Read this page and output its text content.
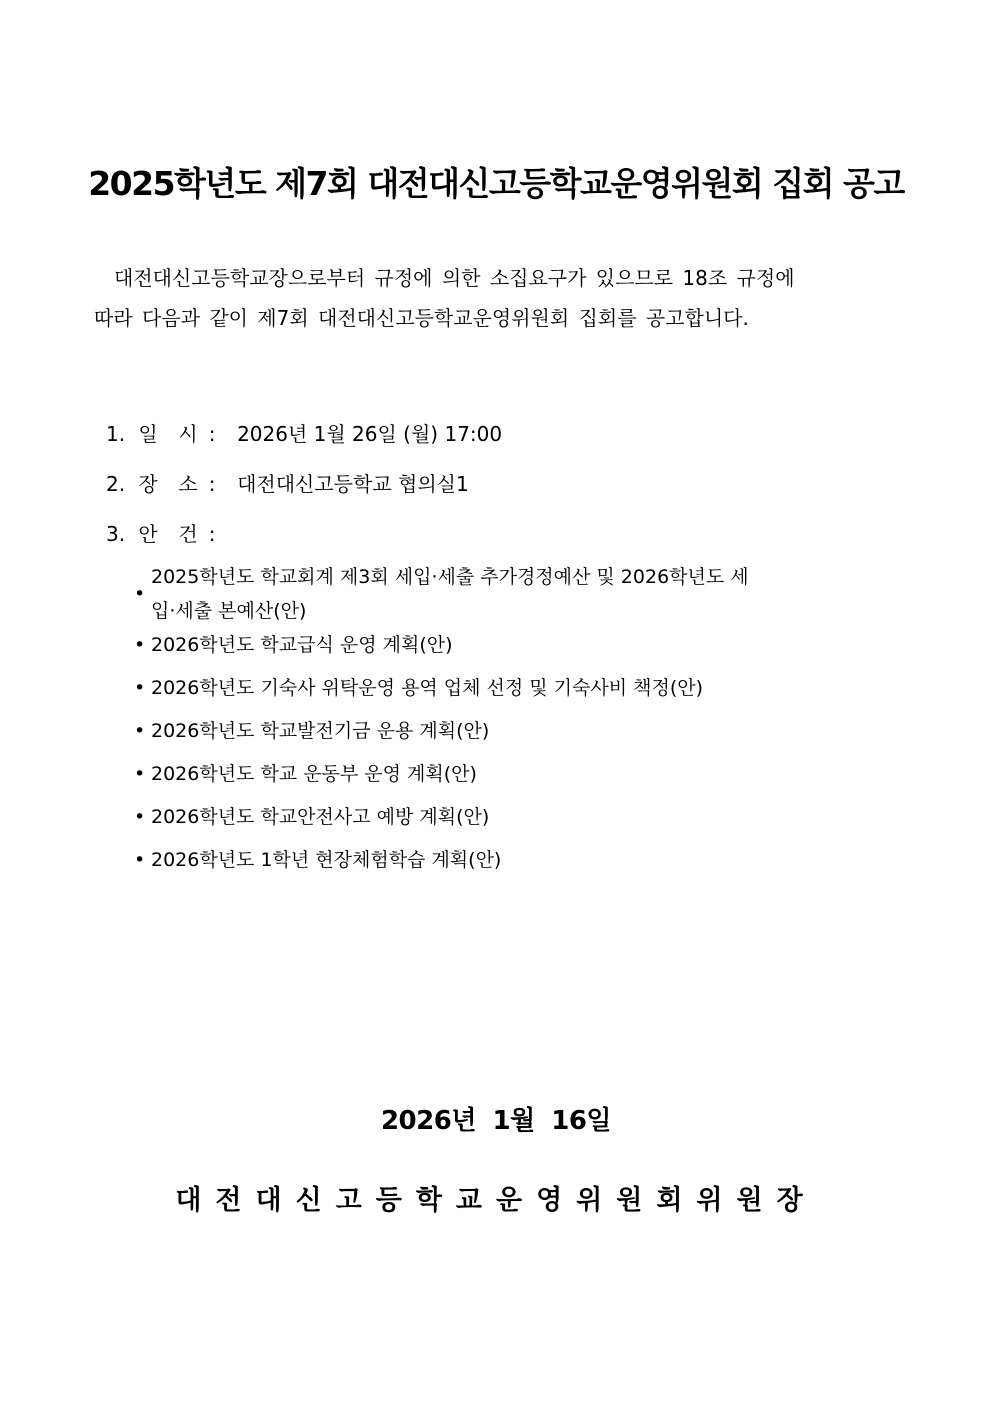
2025학년도 제7회 대전대신고등학교운영위원회 집회 공고

대전대신고등학교장으로부터 규정에 의한 소집요구가 있으므로 18조 규정에

따라 다음과 같이 제7회 대전대신고등학교운영위원회 집회를 공고합니다.

1. 일 시 : 2026년 1월 26일 (월) 17:00
2. 장 소 : 대전대신고등학교 협의실1
3. 안 건 :
•
2025학년도 학교회계 제3회 세입·세출 추가경정예산 및 2026학년도 세
입·세출 본예산(안)
• 2026학년도 학교급식 운영 계획(안)
• 2026학년도 기숙사 위탁운영 용역 업체 선정 및 기숙사비 책정(안)
• 2026학년도 학교발전기금 운용 계획(안)
• 2026학년도 학교 운동부 운영 계획(안)
• 2026학년도 학교안전사고 예방 계획(안)
• 2026학년도 1학년 현장체험학습 계획(안)
2026년 1월 16일
대전대신고등학교운영위원회위원장
